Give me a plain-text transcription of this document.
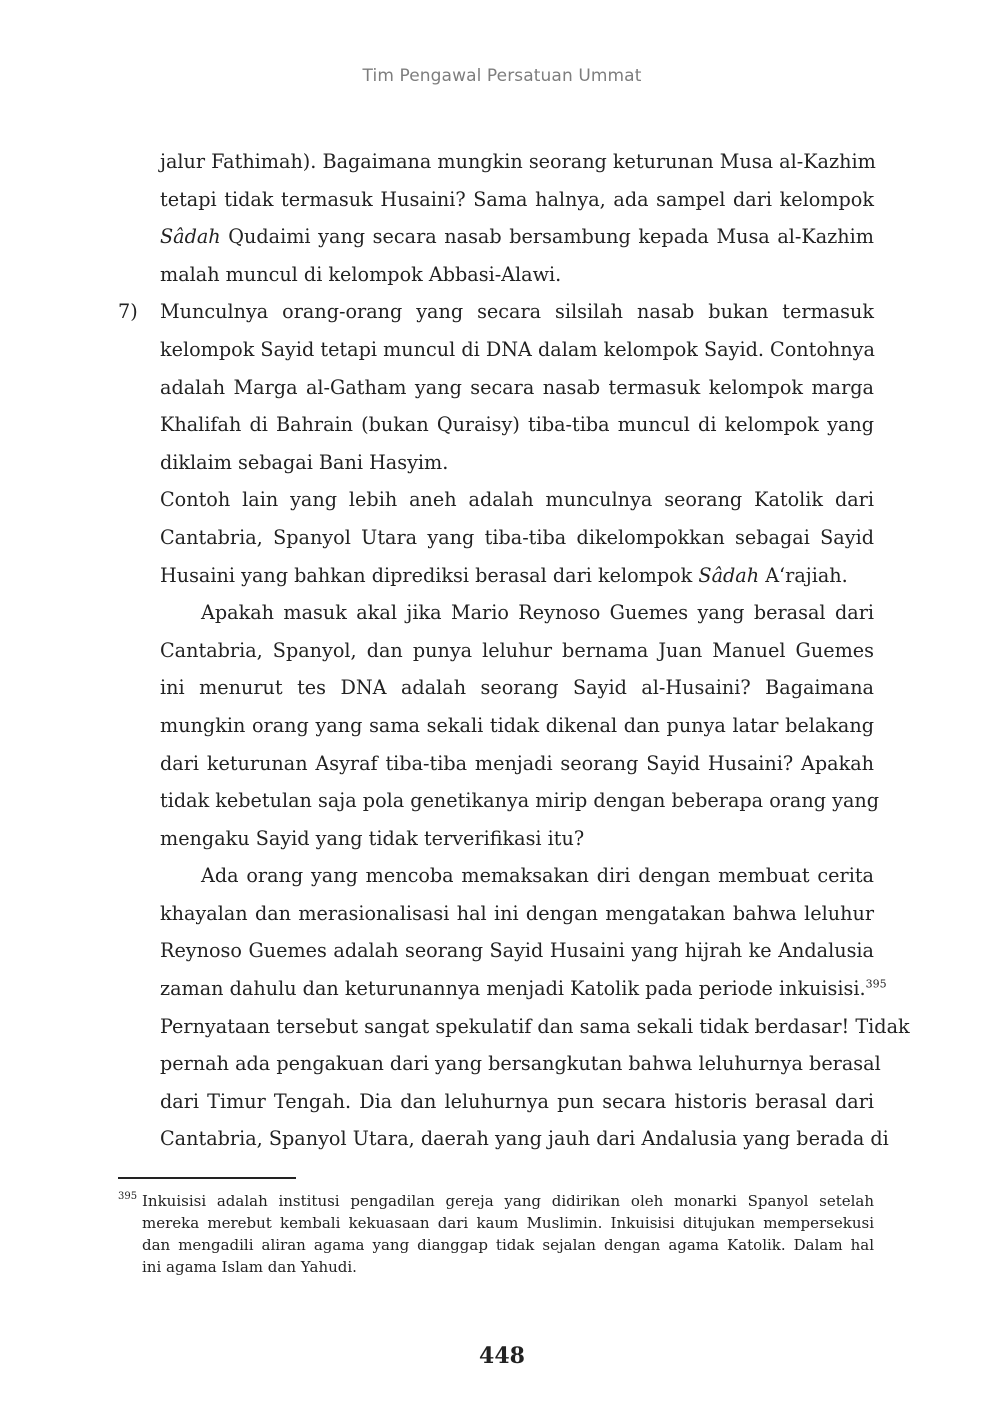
Tim Pengawal Persatuan Ummat
jalur Fathimah). Bagaimana mungkin seorang keturunan Musa al-Kazhim
tetapi tidak termasuk Husaini? Sama halnya, ada sampel dari kelompok
Sâdah Qudaimi yang secara nasab bersambung kepada Musa al-Kazhim
malah muncul di kelompok Abbasi-Alawi.
7) Munculnya orang-orang yang secara silsilah nasab bukan termasuk
kelompok Sayid tetapi muncul di DNA dalam kelompok Sayid. Contohnya
adalah Marga al-Gatham yang secara nasab termasuk kelompok marga
Khalifah di Bahrain (bukan Quraisy) tiba-tiba muncul di kelompok yang
diklaim sebagai Bani Hasyim.
Contoh lain yang lebih aneh adalah munculnya seorang Katolik dari
Cantabria, Spanyol Utara yang tiba-tiba dikelompokkan sebagai Sayid
Husaini yang bahkan diprediksi berasal dari kelompok Sâdah A‘rajiah.
Apakah masuk akal jika Mario Reynoso Guemes yang berasal dari
Cantabria, Spanyol, dan punya leluhur bernama Juan Manuel Guemes
ini menurut tes DNA adalah seorang Sayid al-Husaini? Bagaimana
mungkin orang yang sama sekali tidak dikenal dan punya latar belakang
dari keturunan Asyraf tiba-tiba menjadi seorang Sayid Husaini? Apakah
tidak kebetulan saja pola genetikanya mirip dengan beberapa orang yang
mengaku Sayid yang tidak terverifikasi itu?
Ada orang yang mencoba memaksakan diri dengan membuat cerita
khayalan dan merasionalisasi hal ini dengan mengatakan bahwa leluhur
Reynoso Guemes adalah seorang Sayid Husaini yang hijrah ke Andalusia
zaman dahulu dan keturunannya menjadi Katolik pada periode inkuisisi.$^{395}$
Pernyataan tersebut sangat spekulatif dan sama sekali tidak berdasar! Tidak
pernah ada pengakuan dari yang bersangkutan bahwa leluhurnya berasal
dari Timur Tengah. Dia dan leluhurnya pun secara historis berasal dari
Cantabria, Spanyol Utara, daerah yang jauh dari Andalusia yang berada di
395 Inkuisisi adalah institusi pengadilan gereja yang didirikan oleh monarki Spanyol setelah
mereka merebut kembali kekuasaan dari kaum Muslimin. Inkuisisi ditujukan mempersekusi
dan mengadili aliran agama yang dianggap tidak sejalan dengan agama Katolik. Dalam hal
ini agama Islam dan Yahudi.
448
